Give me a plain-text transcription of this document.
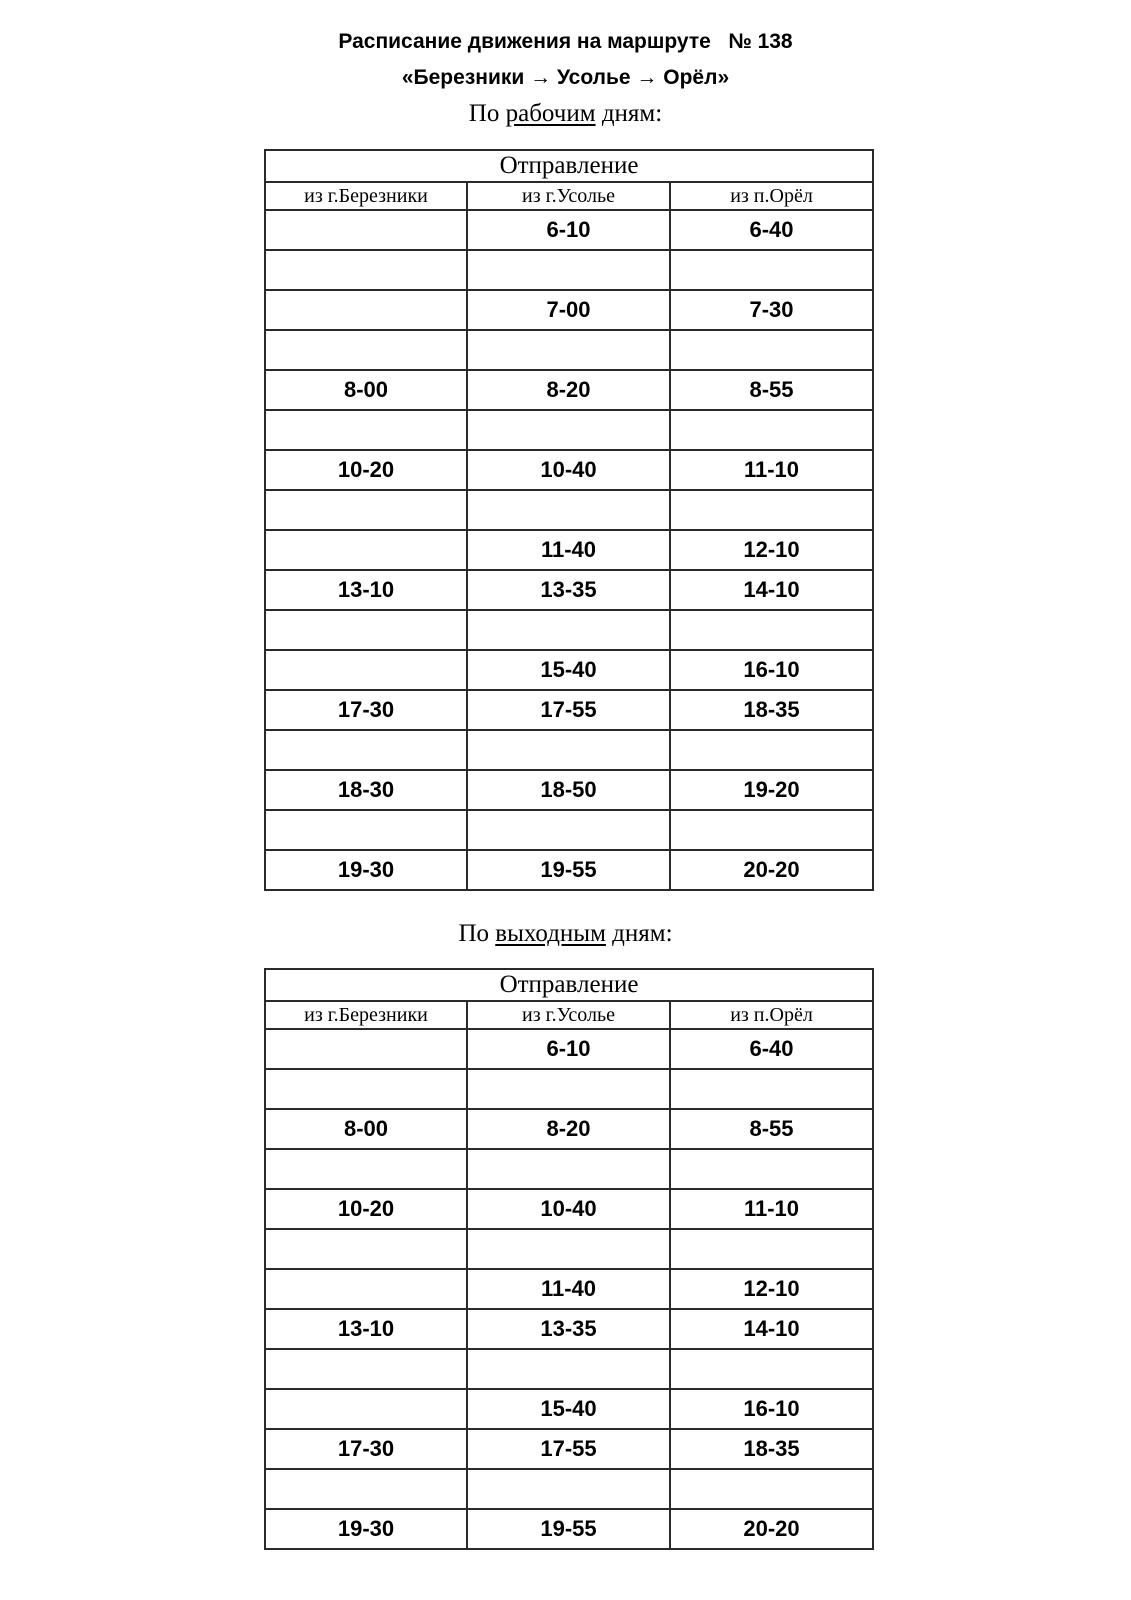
Расписание движения на маршруте   № 138
«Березники → Усолье → Орёл»
По рабочим дням:
Отправление		
из г.Березники	из г.Усолье	из п.Орёл
	6-10	6-40

	7-00	7-30

8-00	8-20	8-55

10-20	10-40	11-10

	11-40	12-10
13-10	13-35	14-10

	15-40	16-10
17-30	17-55	18-35

18-30	18-50	19-20

19-30	19-55	20-20
По выходным дням:
Отправление		
из г.Березники	из г.Усолье	из п.Орёл
	6-10	6-40

8-00	8-20	8-55

10-20	10-40	11-10

	11-40	12-10
13-10	13-35	14-10

	15-40	16-10
17-30	17-55	18-35

19-30	19-55	20-20
